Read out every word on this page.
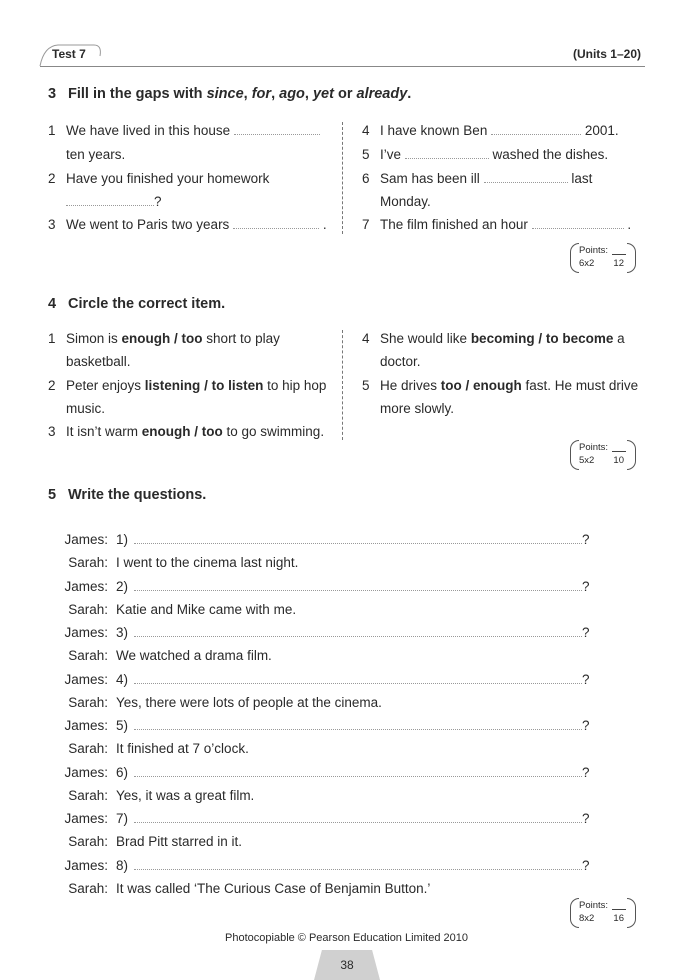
Test 7	(Units 1–20)
3 Fill in the gaps with since, for, ago, yet or already.
1 We have lived in this house
ten years.
2 Have you finished your homework
?
3 We went to Paris two years	.
4 I have known Ben	2001.
5 I’ve	washed the dishes.
6 Sam has been ill	last
Monday.
7 The film finished an hour	.
Points:
6x2 12
4 Circle the correct item.
1 Simon is enough / too short to play
basketball.
2 Peter enjoys listening / to listen to hip hop
music.
3 It isn’t warm enough / too to go swimming.
4 She would like becoming / to become a
doctor.
5 He drives too / enough fast. He must drive
more slowly.
Points:
5x2 10
5 Write the questions.
James: 1)	?
Sarah: I went to the cinema last night.
James: 2)	?
Sarah: Katie and Mike came with me.
James: 3)	?
Sarah: We watched a drama film.
James: 4)	?
Sarah: Yes, there were lots of people at the cinema.
James: 5)	?
Sarah: It finished at 7 o’clock.
James: 6)	?
Sarah: Yes, it was a great film.
James: 7)	?
Sarah: Brad Pitt starred in it.
James: 8)	?
Sarah: It was called ‘The Curious Case of Benjamin Button.’
Points:
8x2 16
Photocopiable © Pearson Education Limited 2010
38
